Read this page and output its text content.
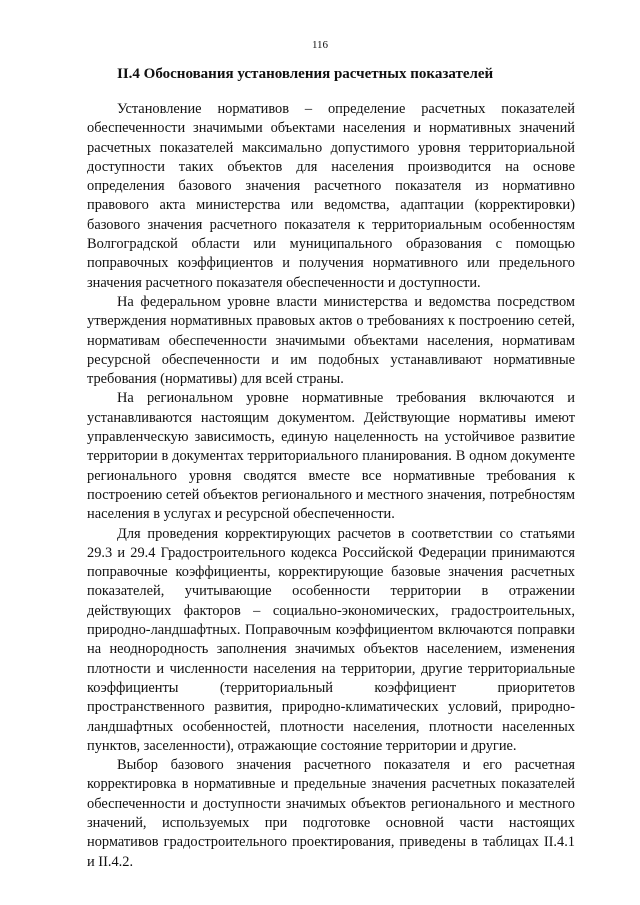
116
II.4 Обоснования установления расчетных показателей

Установление нормативов – определение расчетных показателей обеспеченности значимыми объектами населения и нормативных значений расчетных показателей максимально допустимого уровня территориальной доступности таких объектов для населения производится на основе определения базового значения расчетного показателя из нормативно правового акта министерства или ведомства, адаптации (корректировки) базового значения расчетного показателя к территориальным особенностям Волгоградской области или муниципального образования с помощью поправочных коэффициентов и получения нормативного или предельного значения расчетного показателя обеспеченности и доступности.

На федеральном уровне власти министерства и ведомства посредством утверждения нормативных правовых актов о требованиях к построению сетей, нормативам обеспеченности значимыми объектами населения, нормативам ресурсной обеспеченности и им подобных устанавливают нормативные требования (нормативы) для всей страны.

На региональном уровне нормативные требования включаются и устанавливаются настоящим документом. Действующие нормативы имеют управленческую зависимость, единую нацеленность на устойчивое развитие территории в документах территориального планирования. В одном документе регионального уровня сводятся вместе все нормативные требования к построению сетей объектов регионального и местного значения, потребностям населения в услугах и ресурсной обеспеченности.

Для проведения корректирующих расчетов в соответствии со статьями 29.3 и 29.4 Градостроительного кодекса Российской Федерации принимаются поправочные коэффициенты, корректирующие базовые значения расчетных показателей, учитывающие особенности территории в отражении действующих факторов – социально-экономических, градостроительных, природно-ландшафтных. Поправочным коэффициентом включаются поправки на неоднородность заполнения значимых объектов населением, изменения плотности и численности населения на территории, другие территориальные коэффициенты (территориальный коэффициент приоритетов пространственного развития, природно-климатических условий, природно-ландшафтных особенностей, плотности населения, плотности населенных пунктов, заселенности), отражающие состояние территории и другие.

Выбор базового значения расчетного показателя и его расчетная корректировка в нормативные и предельные значения расчетных показателей обеспеченности и доступности значимых объектов регионального и местного значений, используемых при подготовке основной части настоящих нормативов градостроительного проектирования, приведены в таблицах II.4.1 и II.4.2.
